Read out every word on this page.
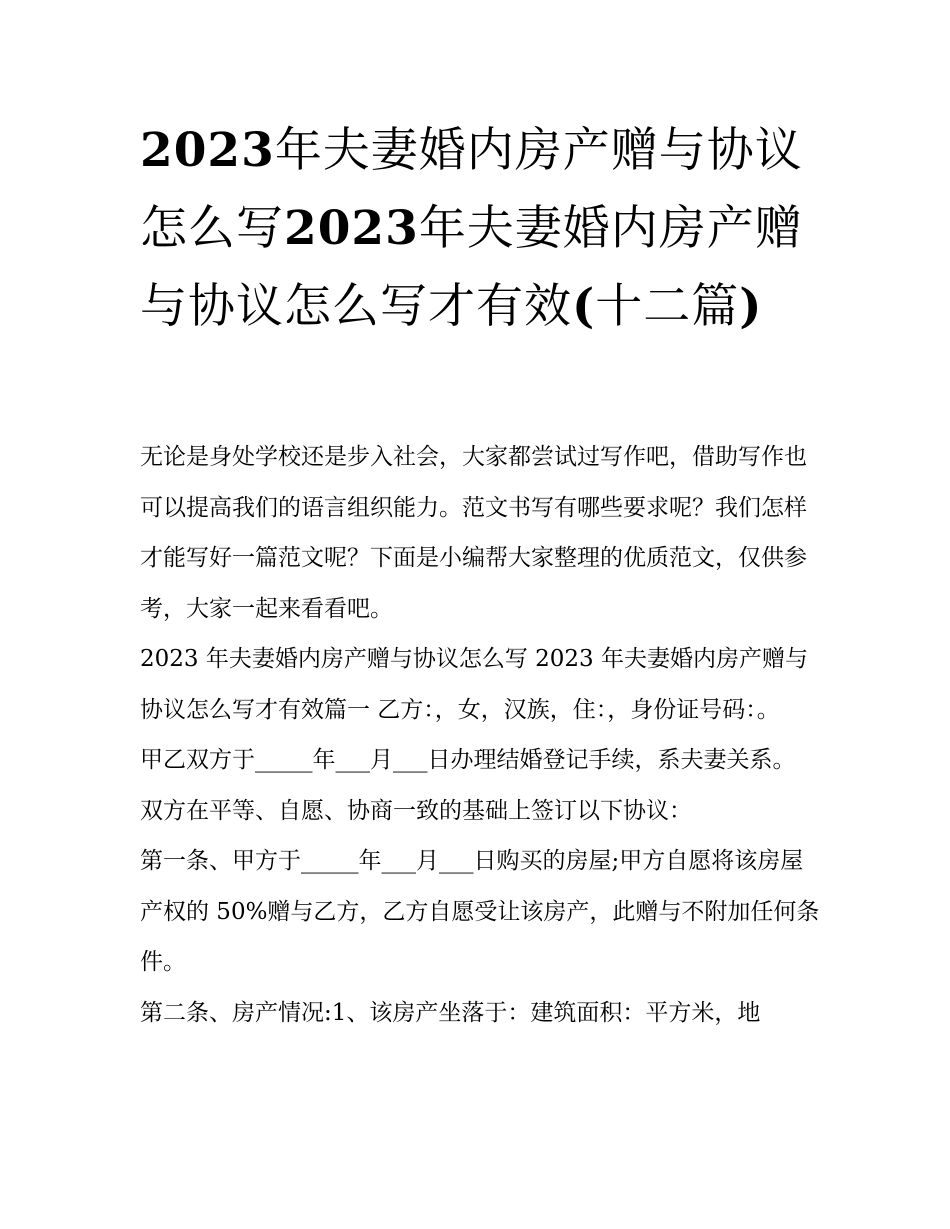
2023年夫妻婚内房产赠与协议怎么写2023年夫妻婚内房产赠与协议怎么写才有效(十二篇)

无论是身处学校还是步入社会，大家都尝试过写作吧，借助写作也可以提高我们的语言组织能力。范文书写有哪些要求呢？我们怎样才能写好一篇范文呢？下面是小编帮大家整理的优质范文，仅供参考，大家一起来看看吧。

2023 年夫妻婚内房产赠与协议怎么写 2023 年夫妻婚内房产赠与协议怎么写才有效篇一 乙方：，女，汉族，住：，身份证号码：。

甲乙双方于_____年___月___日办理结婚登记手续，系夫妻关系。 双方在平等、自愿、协商一致的基础上签订以下协议：

第一条、甲方于_____年___月___日购买的房屋;甲方自愿将该房屋产权的 50%赠与乙方，乙方自愿受让该房产，此赠与不附加任何条件。

第二条、房产情况:1、该房产坐落于：建筑面积：平方米，地
